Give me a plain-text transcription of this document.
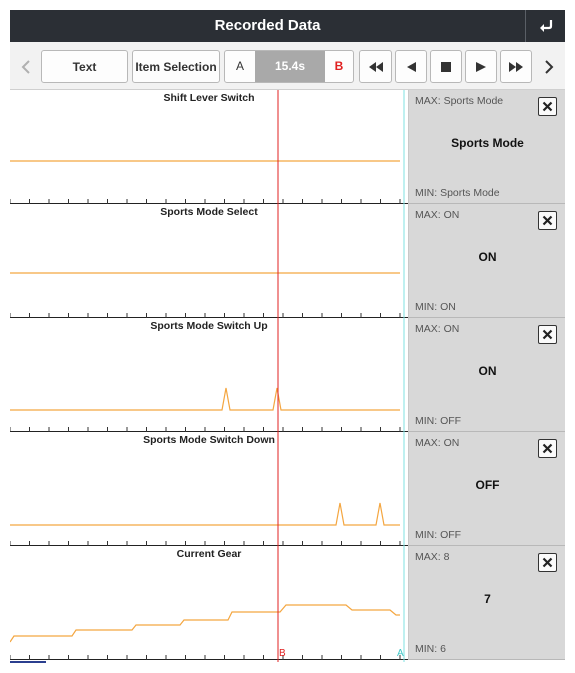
Recorded Data
Text	Item Selection	A	15.4s	B
Shift Lever Switch	MAX: Sports Mode
Sports Mode
MIN: Sports Mode
Sports Mode Select	MAX: ON
ON
MIN: ON
Sports Mode Switch Up	MAX: ON
ON
MIN: OFF
Sports Mode Switch Down	MAX: ON
OFF
MIN: OFF
Current Gear	MAX: 8
7
MIN: 6
B	A
